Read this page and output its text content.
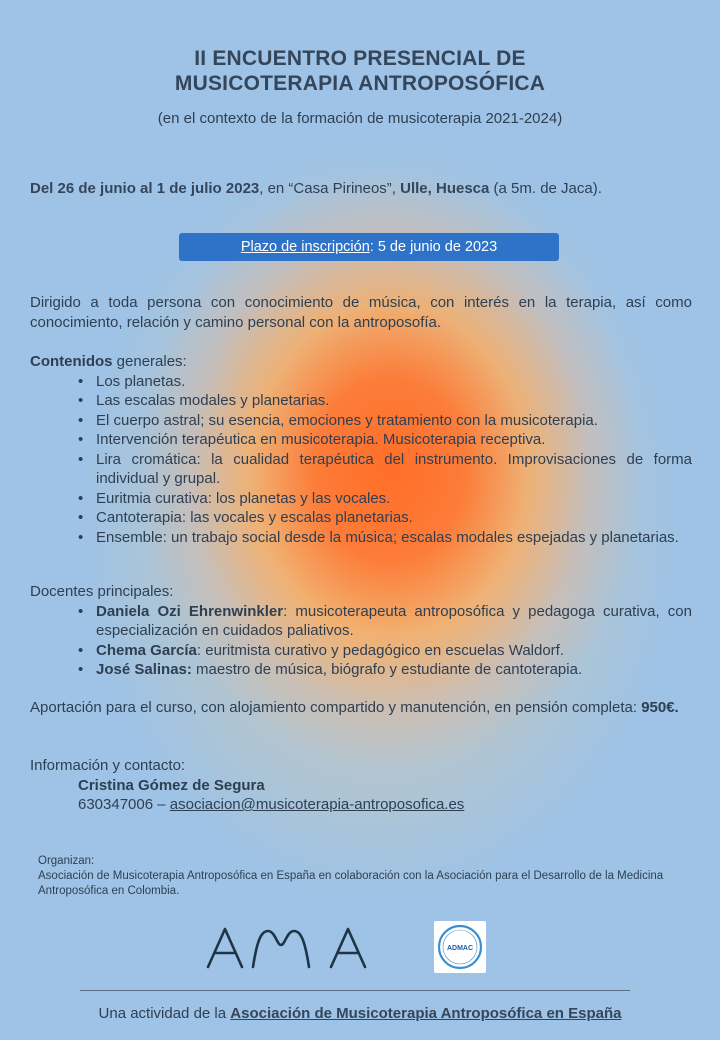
II ENCUENTRO PRESENCIAL DE
MUSICOTERAPIA ANTROPOSÓFICA
(en el contexto de la formación de musicoterapia 2021-2024)
Del 26 de junio al 1 de julio 2023, en “Casa Pirineos”, Ulle, Huesca (a 5m. de Jaca).
Plazo de inscripción: 5 de junio de 2023
Dirigido a toda persona con conocimiento de música, con interés en la terapia, así como conocimiento, relación y camino personal con la antroposofía.
Contenidos generales:
• Los planetas.
• Las escalas modales y planetarias.
• El cuerpo astral; su esencia, emociones y tratamiento con la musicoterapia.
• Intervención terapéutica en musicoterapia. Musicoterapia receptiva.
• Lira cromática: la cualidad terapéutica del instrumento. Improvisaciones de forma individual y grupal.
• Euritmia curativa: los planetas y las vocales.
• Cantoterapia: las vocales y escalas planetarias.
• Ensemble: un trabajo social desde la música; escalas modales espejadas y planetarias.
Docentes principales:
• Daniela Ozi Ehrenwinkler: musicoterapeuta antroposófica y pedagoga curativa, con especialización en cuidados paliativos.
• Chema García: euritmista curativo y pedagógico en escuelas Waldorf.
• José Salinas: maestro de música, biógrafo y estudiante de cantoterapia.
Aportación para el curso, con alojamiento compartido y manutención, en pensión completa: 950€.
Información y contacto:
Cristina Gómez de Segura
630347006 – asociacion@musicoterapia-antroposofica.es
Organizan:
Asociación de Musicoterapia Antroposófica en España en colaboración con la Asociación para el Desarrollo de la Medicina Antroposófica en Colombia.
ADMAC
Una actividad de la Asociación de Musicoterapia Antroposófica en España
